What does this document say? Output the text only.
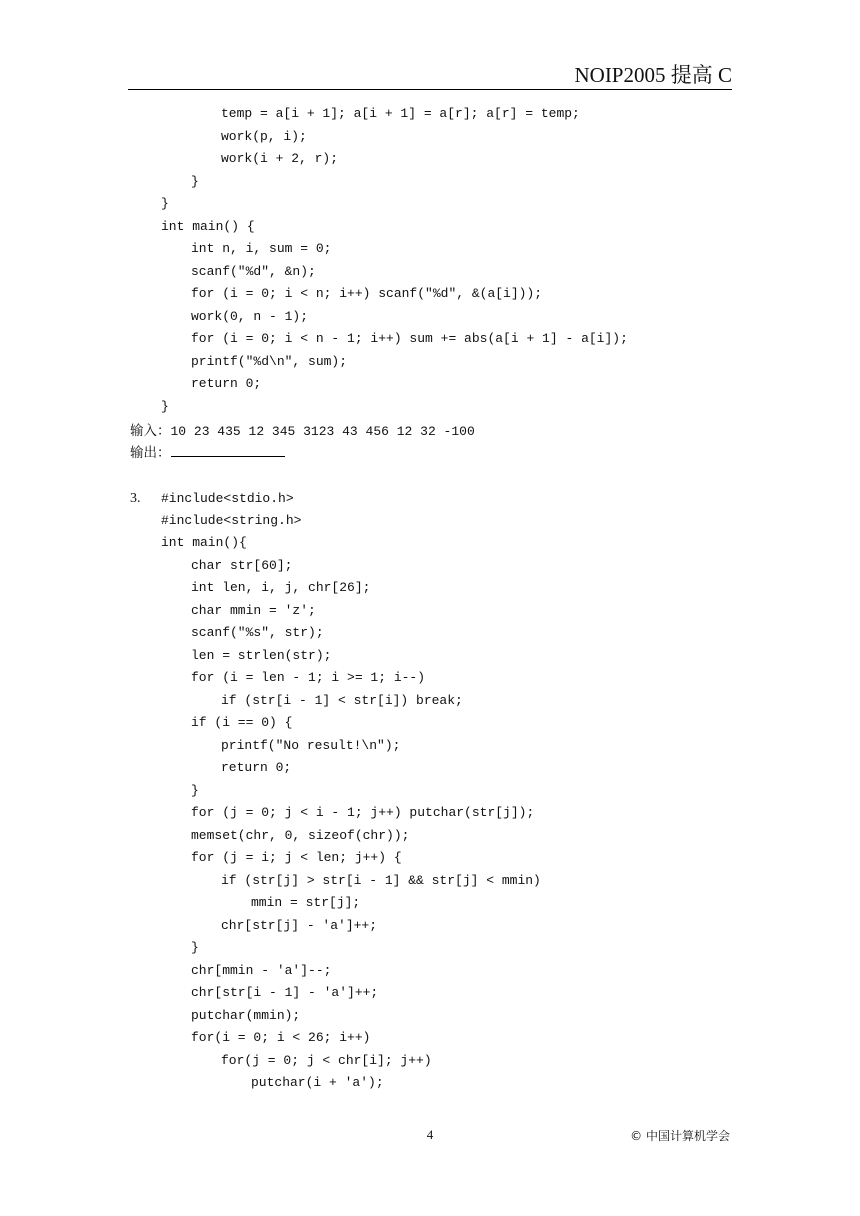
NOIP2005 提高 C
temp = a[i + 1]; a[i + 1] = a[r]; a[r] = temp;
work(p, i);
work(i + 2, r);
}
}
int main() {
int n, i, sum = 0;
scanf("%d", &n);
for (i = 0; i < n; i++) scanf("%d", &(a[i]));
work(0, n - 1);
for (i = 0; i < n - 1; i++) sum += abs(a[i + 1] - a[i]);
printf("%d\n", sum);
return 0;
}
输入：10 23 435 12 345 3123 43 456 12 32 -100
输出：
3. #include<stdio.h>
#include<string.h>
int main(){
char str[60];
int len, i, j, chr[26];
char mmin = 'z';
scanf("%s", str);
len = strlen(str);
for (i = len - 1; i >= 1; i--)
if (str[i - 1] < str[i]) break;
if (i == 0) {
printf("No result!\n");
return 0;
}
for (j = 0; j < i - 1; j++) putchar(str[j]);
memset(chr, 0, sizeof(chr));
for (j = i; j < len; j++) {
if (str[j] > str[i - 1] && str[j] < mmin)
mmin = str[j];
chr[str[j] - 'a']++;
}
chr[mmin - 'a']--;
chr[str[i - 1] - 'a']++;
putchar(mmin);
for(i = 0; i < 26; i++)
for(j = 0; j < chr[i]; j++)
putchar(i + 'a');
4	© 中国计算机学会
